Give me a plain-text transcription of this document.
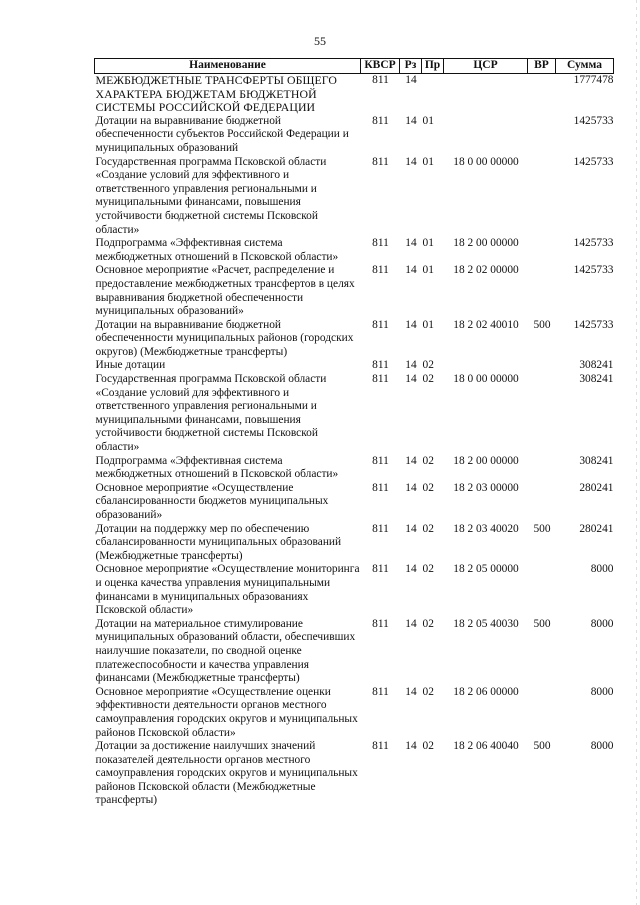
55
Наименование	КВСР	Рз	Пр	ЦСР	ВР	Сумма
МЕЖБЮДЖЕТНЫЕ ТРАНСФЕРТЫ ОБЩЕГО ХАРАКТЕРА БЮДЖЕТАМ БЮДЖЕТНОЙ СИСТЕМЫ РОССИЙСКОЙ ФЕДЕРАЦИИ	811	14				1777478
Дотации на выравнивание бюджетной обеспеченности субъектов Российской Федерации и муниципальных образований	811	14	01			1425733
Государственная программа Псковской области «Создание условий для эффективного и ответственного управления региональными и муниципальными финансами, повышения устойчивости бюджетной системы Псковской области»	811	14	01	18 0 00 00000		1425733
Подпрограмма «Эффективная система межбюджетных отношений в Псковской области»	811	14	01	18 2 00 00000		1425733
Основное мероприятие «Расчет, распределение и предоставление межбюджетных трансфертов в целях выравнивания бюджетной обеспеченности муниципальных образований»	811	14	01	18 2 02 00000		1425733
Дотации на выравнивание бюджетной обеспеченности муниципальных районов (городских округов) (Межбюджетные трансферты)	811	14	01	18 2 02 40010	500	1425733
Иные дотации	811	14	02			308241
Государственная программа Псковской области «Создание условий для эффективного и ответственного управления региональными и муниципальными финансами, повышения устойчивости бюджетной системы Псковской области»	811	14	02	18 0 00 00000		308241
Подпрограмма «Эффективная система межбюджетных отношений в Псковской области»	811	14	02	18 2 00 00000		308241
Основное мероприятие «Осуществление сбалансированности бюджетов муниципальных образований»	811	14	02	18 2 03 00000		280241
Дотации на поддержку мер по обеспечению сбалансированности муниципальных образований (Межбюджетные трансферты)	811	14	02	18 2 03 40020	500	280241
Основное мероприятие «Осуществление мониторинга и оценка качества управления муниципальными финансами в муниципальных образованиях Псковской области»	811	14	02	18 2 05 00000		8000
Дотации на материальное стимулирование муниципальных образований области, обеспечивших наилучшие показатели, по сводной оценке платежеспособности и качества управления финансами (Межбюджетные трансферты)	811	14	02	18 2 05 40030	500	8000
Основное мероприятие «Осуществление оценки эффективности деятельности органов местного самоуправления городских округов и муниципальных районов Псковской области»	811	14	02	18 2 06 00000		8000
Дотации за достижение наилучших значений показателей деятельности органов местного самоуправления городских округов и муниципальных районов Псковской области (Межбюджетные трансферты)	811	14	02	18 2 06 40040	500	8000
